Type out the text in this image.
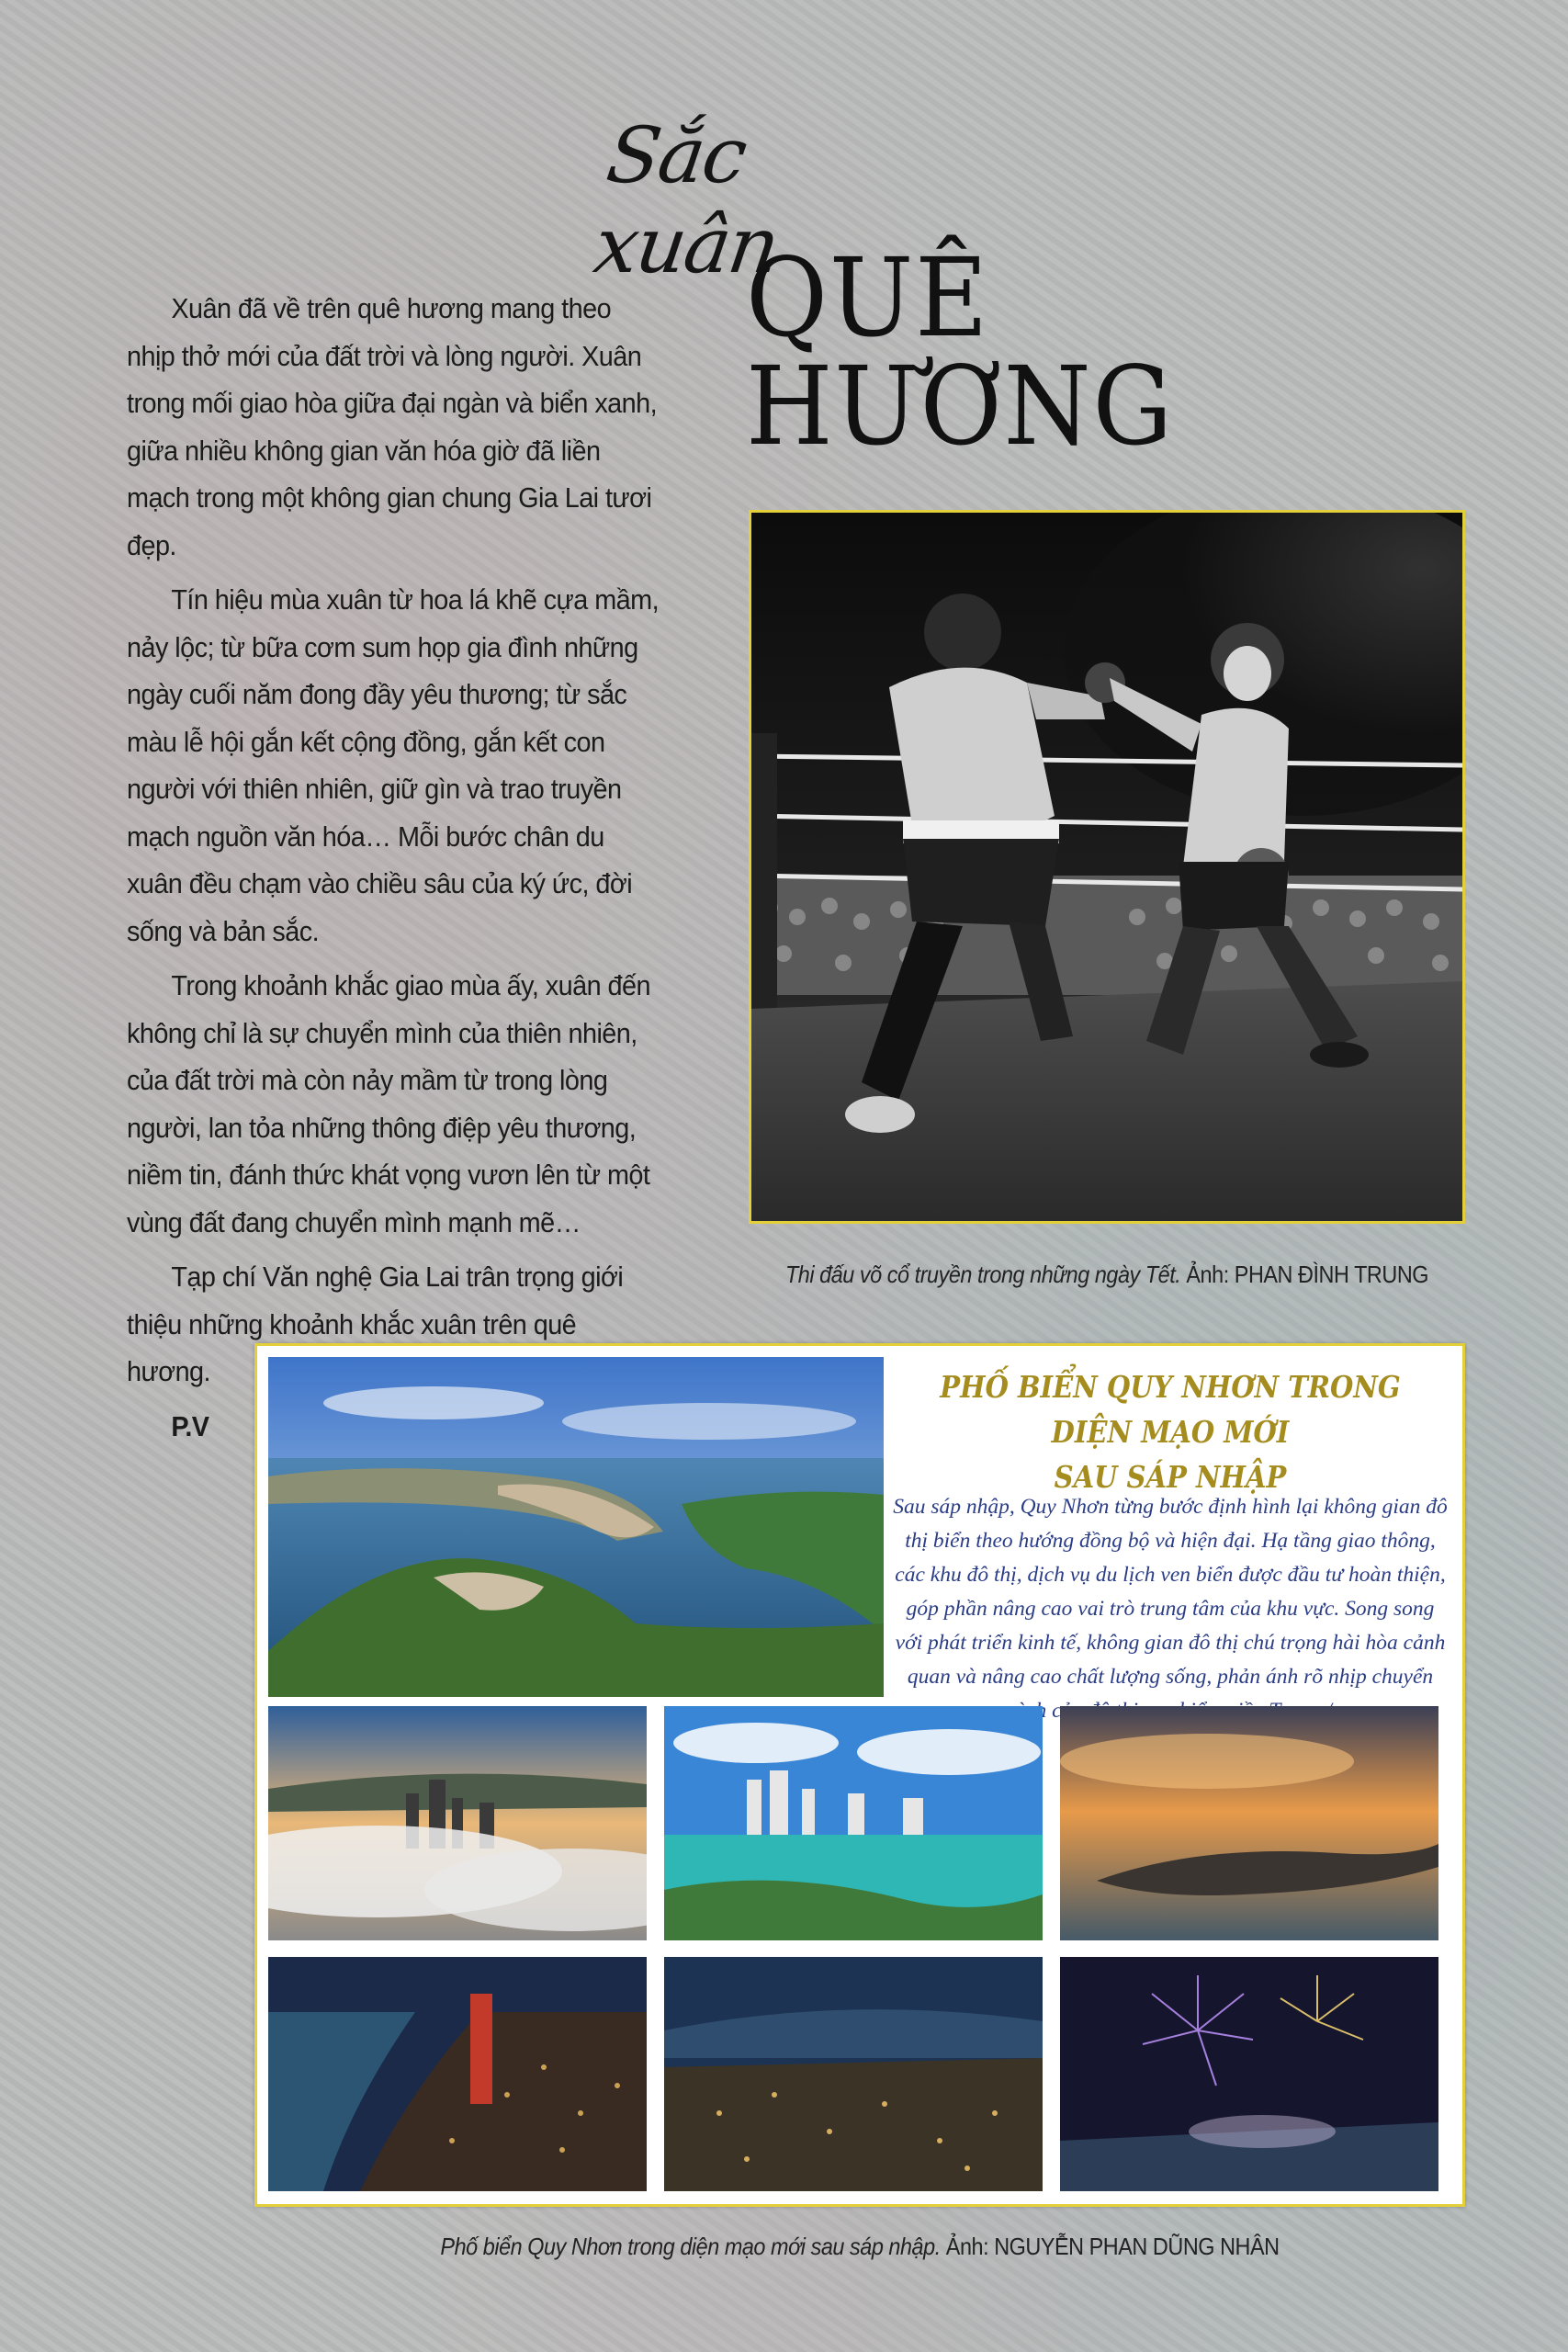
Sắc xuân
QUÊ HƯƠNG

Xuân đã về trên quê hương mang theo nhịp thở mới của đất trời và lòng người. Xuân trong mối giao hòa giữa đại ngàn và biển xanh, giữa nhiều không gian văn hóa giờ đã liền mạch trong một không gian chung Gia Lai tươi đẹp.

Tín hiệu mùa xuân từ hoa lá khẽ cựa mầm, nảy lộc; từ bữa cơm sum họp gia đình những ngày cuối năm đong đầy yêu thương; từ sắc màu lễ hội gắn kết cộng đồng, gắn kết con người với thiên nhiên, giữ gìn và trao truyền mạch nguồn văn hóa… Mỗi bước chân du xuân đều chạm vào chiều sâu của ký ức, đời sống và bản sắc.

Trong khoảnh khắc giao mùa ấy, xuân đến không chỉ là sự chuyển mình của thiên nhiên, của đất trời mà còn nảy mầm từ trong lòng người, lan tỏa những thông điệp yêu thương, niềm tin, đánh thức khát vọng vươn lên từ một vùng đất đang chuyển mình mạnh mẽ…

Tạp chí Văn nghệ Gia Lai trân trọng giới thiệu những khoảnh khắc xuân trên quê hương.

P.V

Thi đấu võ cổ truyền trong những ngày Tết. Ảnh: PHAN ĐÌNH TRUNG
PHỐ BIỂN QUY NHƠN TRONG DIỆN MẠO MỚI
SAU SÁP NHẬP
Sau sáp nhập, Quy Nhơn từng bước định hình lại không gian đô thị biển theo hướng đồng bộ và hiện đại. Hạ tầng giao thông, các khu đô thị, dịch vụ du lịch ven biển được đầu tư hoàn thiện, góp phần nâng cao vai trò trung tâm của khu vực. Song song với phát triển kinh tế, không gian đô thị chú trọng hài hòa cảnh quan và nâng cao chất lượng sống, phản ánh rõ nhịp chuyển
Phố biển Quy Nhơn trong diện mạo mới sau sáp nhập. Ảnh: NGUYỄN PHAN DŨNG NHÂN
